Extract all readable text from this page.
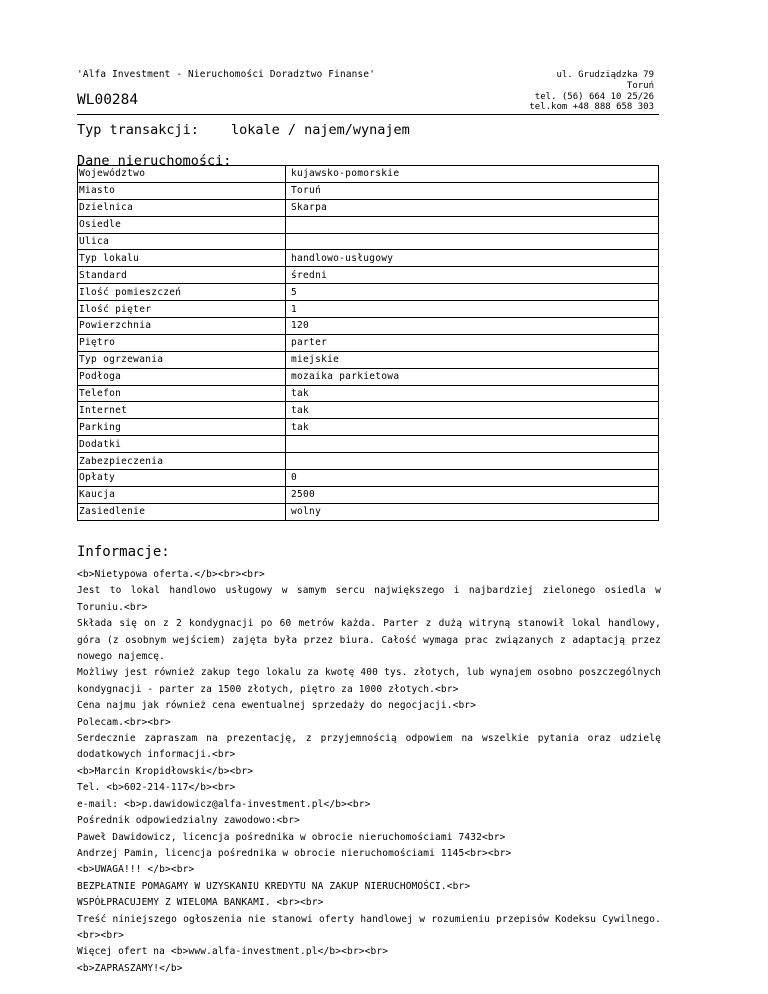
'Alfa Investment - Nieruchomości Doradztwo Finanse'
WL00284
ul. Grudziądzka 79
Toruń
tel. (56) 664 10 25/26
tel.kom +48 888 658 303
Typ transakcji: lokale / najem/wynajem
Dane nieruchomości:
Województwo	kujawsko-pomorskie
Miasto	Toruń
Dzielnica	Skarpa
Osiedle	
Ulica	
Typ lokalu	handlowo-usługowy
Standard	średni
Ilość pomieszczeń	5
Ilość pięter	1
Powierzchnia	120
Piętro	parter
Typ ogrzewania	miejskie
Podłoga	mozaika parkietowa
Telefon	tak
Internet	tak
Parking	tak
Dodatki	
Zabezpieczenia	
Opłaty	0
Kaucja	2500
Zasiedlenie	wolny
Informacje:

<b>Nietypowa oferta.</b><br><br>

Jest to lokal handlowo usługowy w samym sercu największego i najbardziej zielonego osiedla w Toruniu.<br>

Składa się on z 2 kondygnacji po 60 metrów każda. Parter z dużą witryną stanowił lokal handlowy, góra (z osobnym wejściem) zajęta była przez biura. Całość wymaga prac związanych z adaptacją przez nowego najemcę.

Możliwy jest również zakup tego lokalu za kwotę 400 tys. złotych, lub wynajem osobno poszczególnych kondygnacji - parter za 1500 złotych, piętro za 1000 złotych.<br>

Cena najmu jak również cena ewentualnej sprzedaży do negocjacji.<br>

Polecam.<br><br>

Serdecznie zapraszam na prezentację, z przyjemnością odpowiem na wszelkie pytania oraz udzielę dodatkowych informacji.<br>

<b>Marcin Kropidłowski</b><br>

Tel. <b>602-214-117</b><br>

e-mail: <b>p.dawidowicz@alfa-investment.pl</b><br>

Pośrednik odpowiedzialny zawodowo:<br>

Paweł Dawidowicz, licencja pośrednika w obrocie nieruchomościami 7432<br>

Andrzej Pamin, licencja pośrednika w obrocie nieruchomościami 1145<br><br>

<b>UWAGA!!! </b><br>

BEZPŁATNIE POMAGAMY W UZYSKANIU KREDYTU NA ZAKUP NIERUCHOMOŚCI.<br>

WSPÓŁPRACUJEMY Z WIELOMA BANKAMI. <br><br>

Treść niniejszego ogłoszenia nie stanowi oferty handlowej w rozumieniu przepisów Kodeksu Cywilnego.<br><br>

Więcej ofert na <b>www.alfa-investment.pl</b><br><br>

<b>ZAPRASZAMY!</b>
